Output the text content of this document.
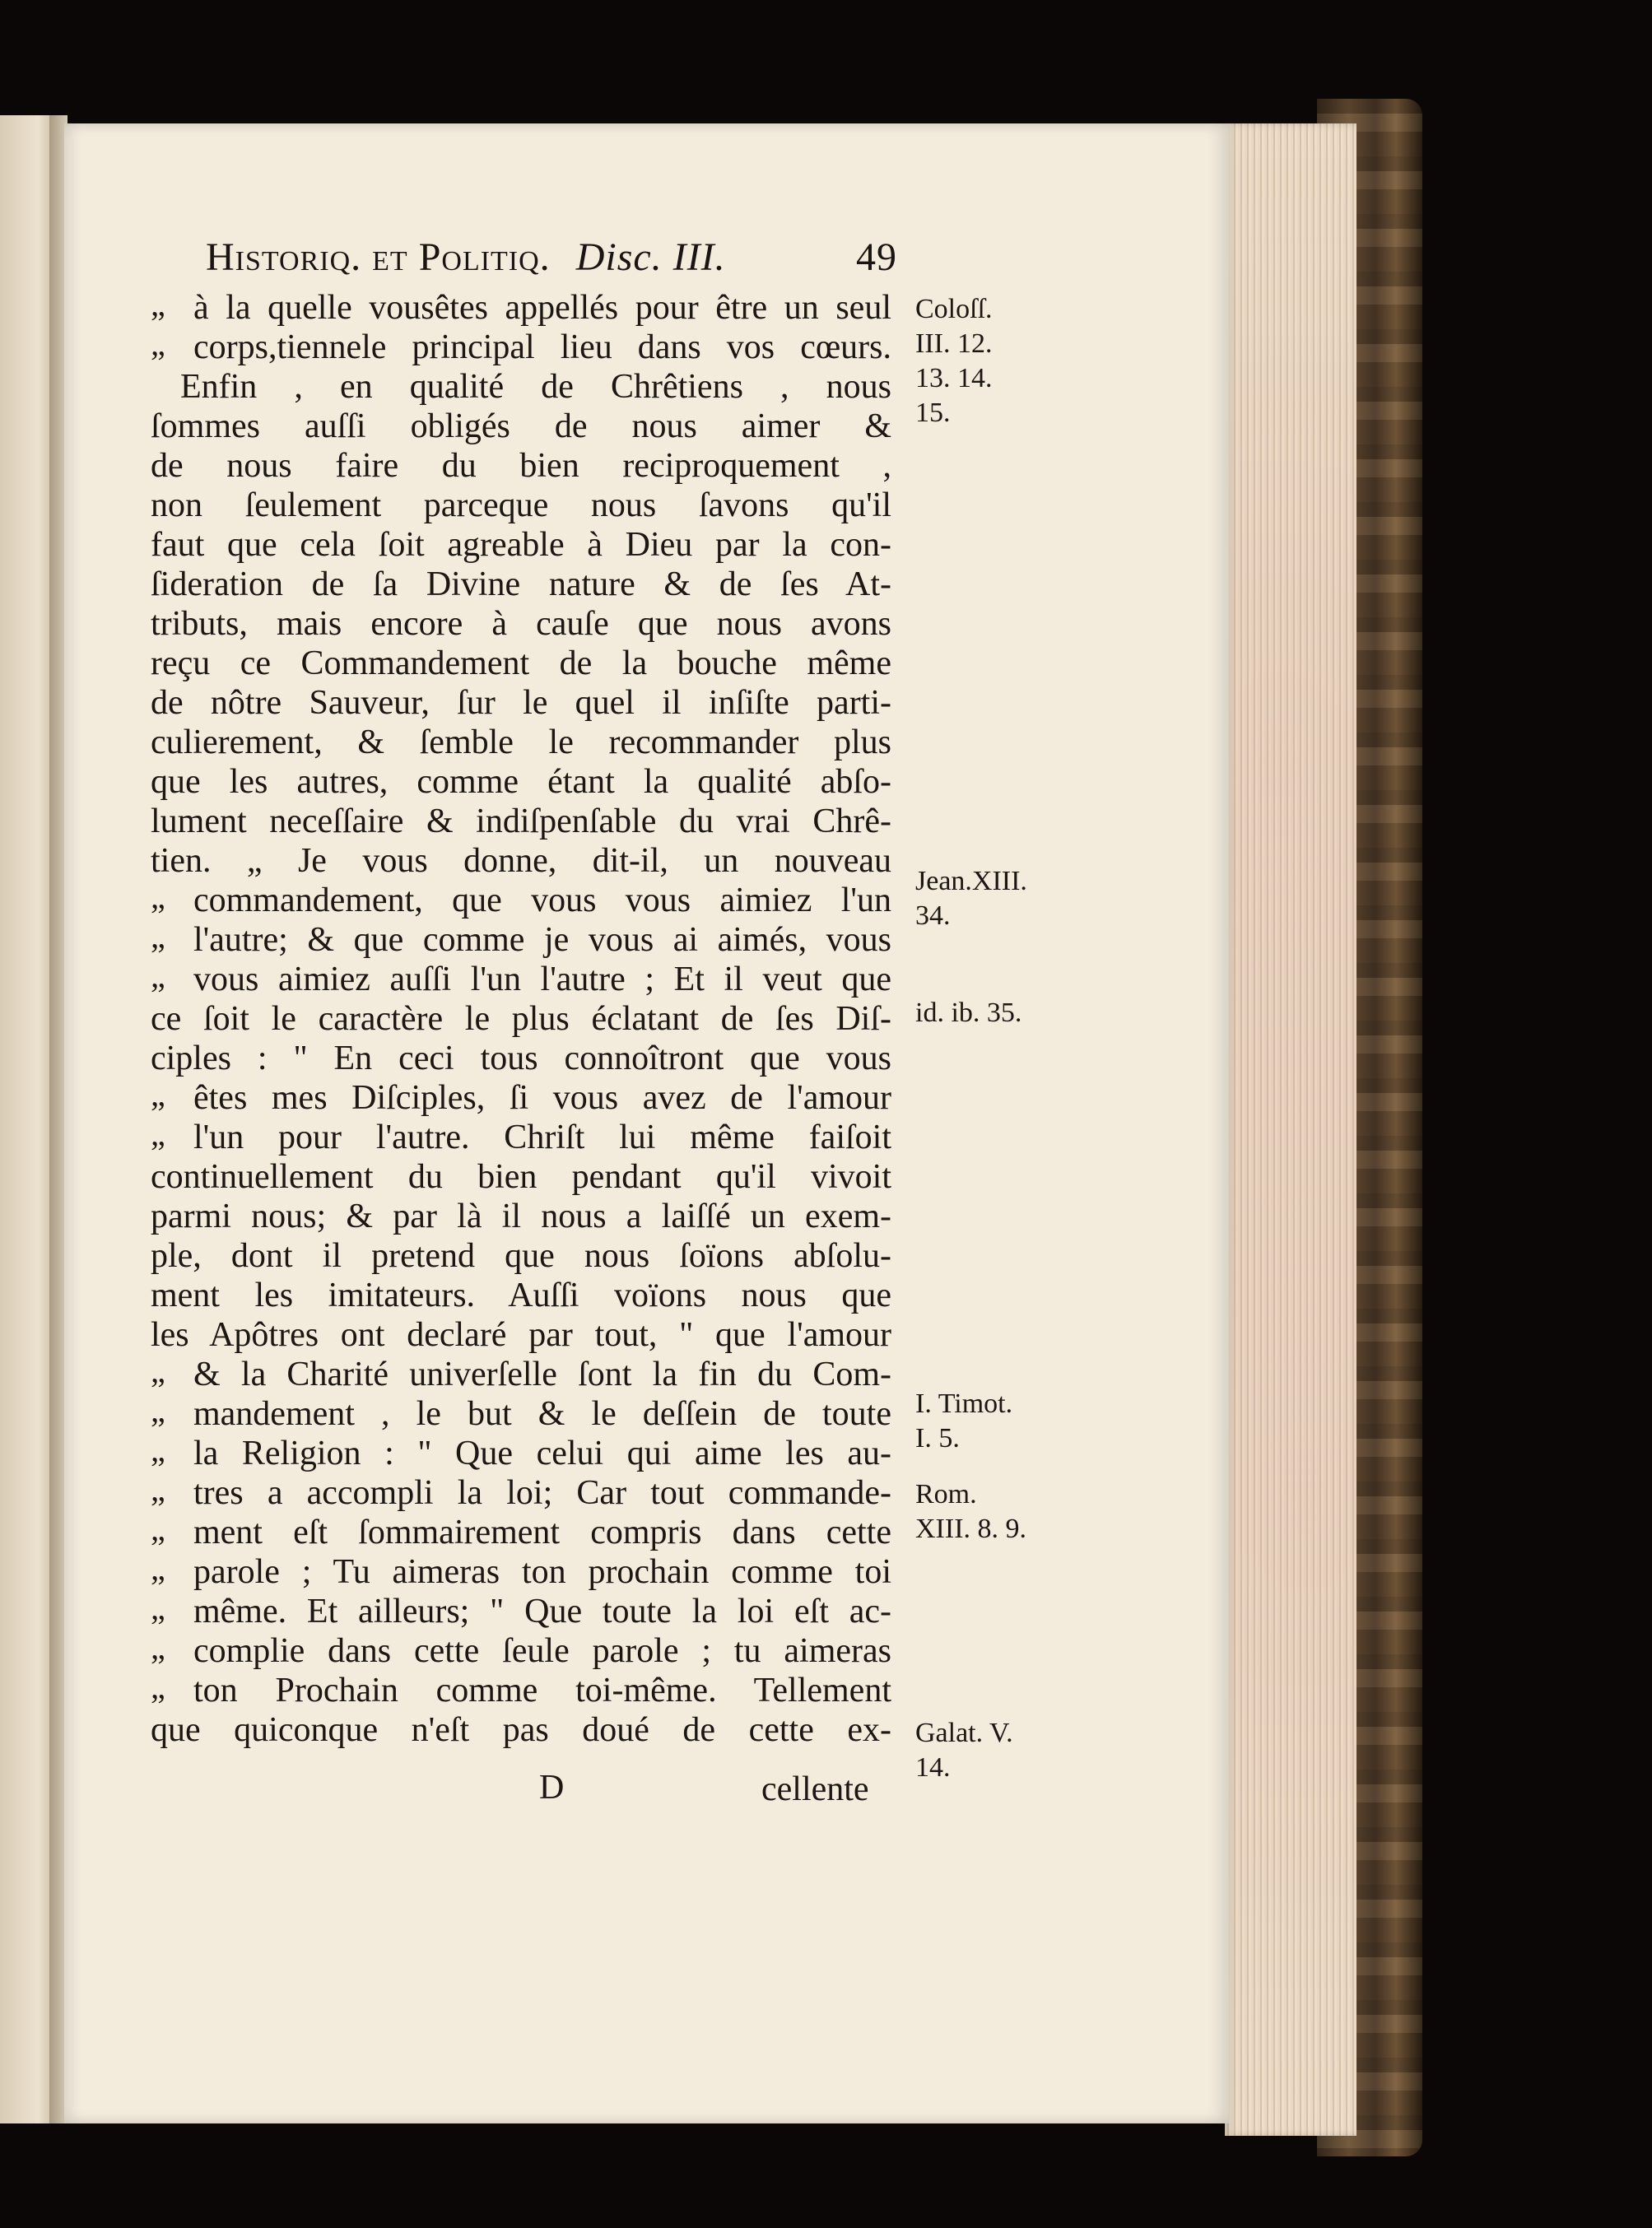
Historiq. et Politiq. Disc. III.	49
„ à la quelle vousêtes appellés pour être un seul
„ corps,tiennele principal lieu dans vos cœurs.
Enfin , en qualité de Chrêtiens , nous
ſommes auſſi obligés de nous aimer &
de nous faire du bien reciproquement ,
non ſeulement parceque nous ſavons qu'il
faut que cela ſoit agreable à Dieu par la con-
ſideration de ſa Divine nature & de ſes At-
tributs, mais encore à cauſe que nous avons
reçu ce Commandement de la bouche même
de nôtre Sauveur, ſur le quel il inſiſte parti-
culierement, & ſemble le recommander plus
que les autres, comme étant la qualité abſo-
lument neceſſaire & indiſpenſable du vrai Chrê-
tien. „ Je vous donne, dit-il, un nouveau
„ commandement, que vous vous aimiez l'un
„ l'autre; & que comme je vous ai aimés, vous
„ vous aimiez auſſi l'un l'autre ; Et il veut que
ce ſoit le caractère le plus éclatant de ſes Diſ-
ciples : " En ceci tous connoîtront que vous
„ êtes mes Diſciples, ſi vous avez de l'amour
„ l'un pour l'autre. Chriſt lui même faiſoit
continuellement du bien pendant qu'il vivoit
parmi nous; & par là il nous a laiſſé un exem-
ple, dont il pretend que nous ſoïons abſolu-
ment les imitateurs. Auſſi voïons nous que
les Apôtres ont declaré par tout, " que l'amour
„ & la Charité univerſelle ſont la fin du Com-
„ mandement , le but & le deſſein de toute
„ la Religion : " Que celui qui aime les au-
„ tres a accompli la loi; Car tout commande-
„ ment eſt ſommairement compris dans cette
„ parole ; Tu aimeras ton prochain comme toi
„ même. Et ailleurs; " Que toute la loi eſt ac-
„ complie dans cette ſeule parole ; tu aimeras
„ ton Prochain comme toi-même. Tellement
que quiconque n'eſt pas doué de cette ex-
Coloſſ.
III. 12.
13. 14.
15.
Jean.XIII.
34.
id. ib. 35.
I. Timot.
I. 5.
Rom.
XIII. 8. 9.
Galat. V.
14.
D	cellente
